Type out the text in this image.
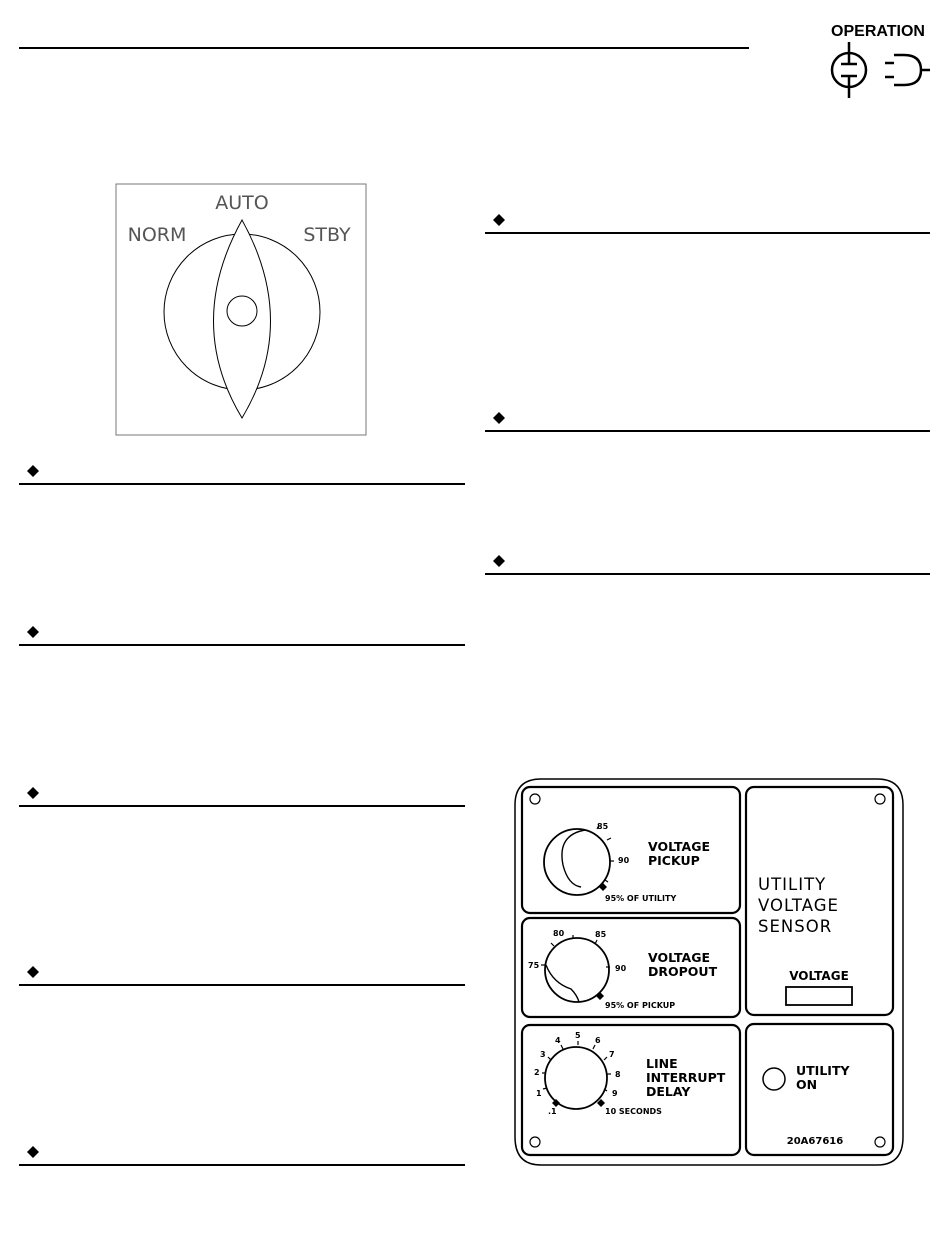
OPERATION
NORM
AUTO
STBY
85
90
95% OF UTILITY
VOLTAGE
PICKUP
75
80	85
90
95% OF PICKUP
VOLTAGE
DROPOUT
.1
1
2
3
4
5
6
7
8
9
10 SECONDS
LINE
INTERRUPT
DELAY
UTILITY
VOLTAGE
SENSOR
VOLTAGE
UTILITY
ON
20A67616
